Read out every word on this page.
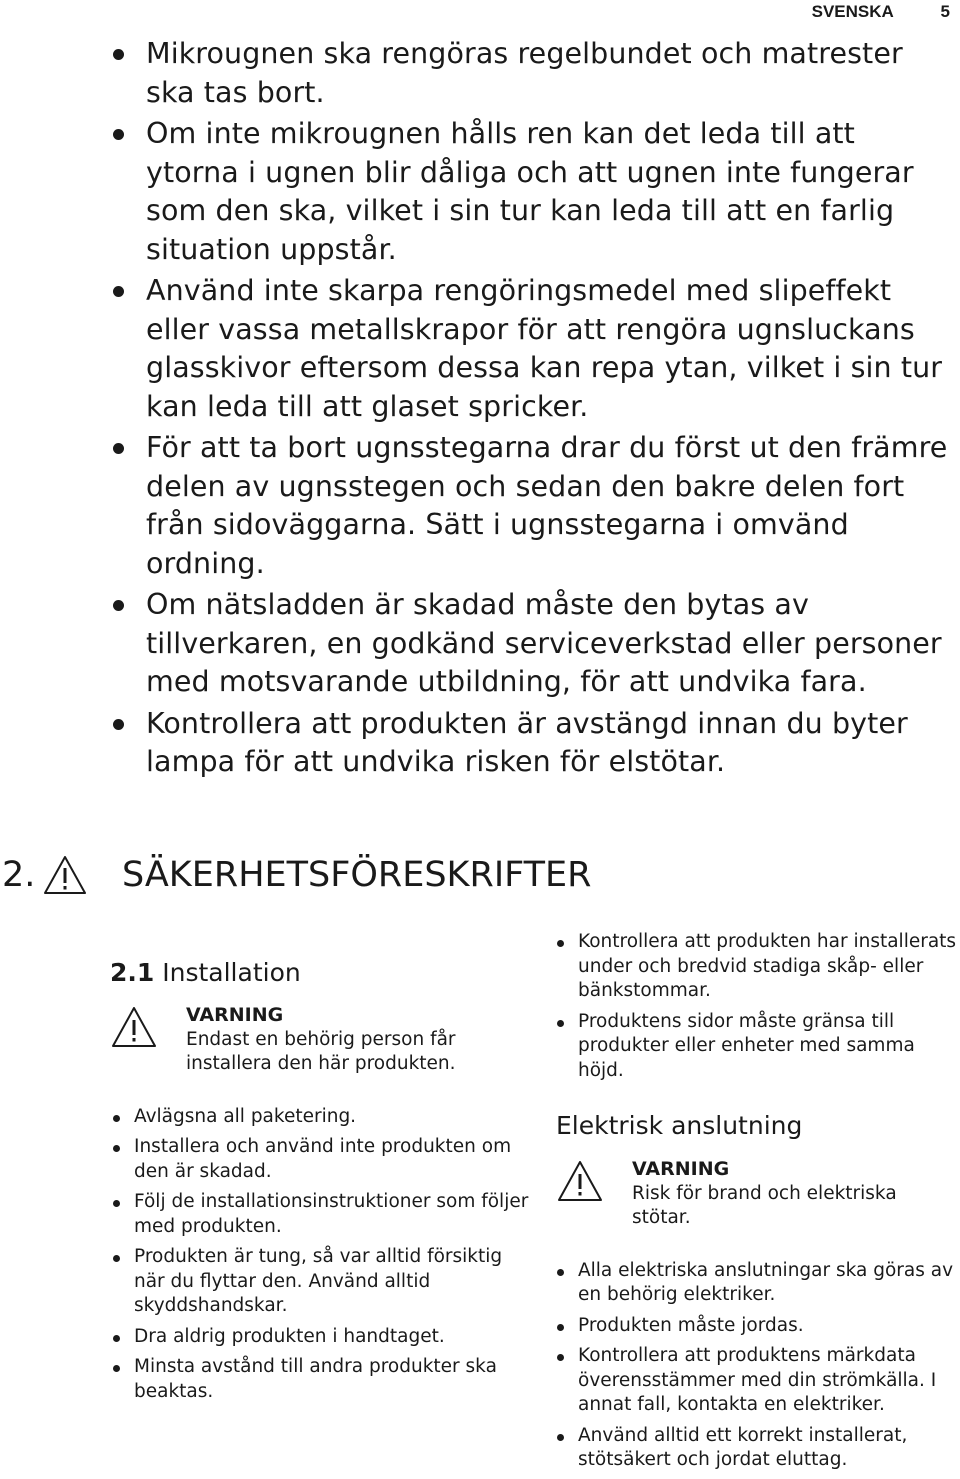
SVENSKA	5
Mikrougnen ska rengöras regelbundet och matrester ska tas bort.
Om inte mikrougnen hålls ren kan det leda till att ytorna i ugnen blir dåliga och att ugnen inte fungerar som den ska, vilket i sin tur kan leda till att en farlig situation uppstår.
Använd inte skarpa rengöringsmedel med slipeffekt eller vassa metallskrapor för att rengöra ugnsluckans glasskivor eftersom dessa kan repa ytan, vilket i sin tur kan leda till att glaset spricker.
För att ta bort ugnsstegarna drar du först ut den främre delen av ugnsstegen och sedan den bakre delen fort från sidoväggarna. Sätt i ugnsstegarna i omvänd ordning.
Om nätsladden är skadad måste den bytas av tillverkaren, en godkänd serviceverkstad eller personer med motsvarande utbildning, för att undvika fara.
Kontrollera att produkten är avstängd innan du byter lampa för att undvika risken för elstötar.
2. SÄKERHETSFÖRESKRIFTER
2.1 Installation
VARNING
Endast en behörig person får installera den här produkten.
Avlägsna all paketering.
Installera och använd inte produkten om den är skadad.
Följ de installationsinstruktioner som följer med produkten.
Produkten är tung, så var alltid försiktig när du flyttar den. Använd alltid skyddshandskar.
Dra aldrig produkten i handtaget.
Minsta avstånd till andra produkter ska beaktas.
Kontrollera att produkten har installerats under och bredvid stadiga skåp- eller bänkstommar.
Produktens sidor måste gränsa till produkter eller enheter med samma höjd.
Elektrisk anslutning
VARNING
Risk för brand och elektriska stötar.
Alla elektriska anslutningar ska göras av en behörig elektriker.
Produkten måste jordas.
Kontrollera att produktens märkdata överensstämmer med din strömkälla. I annat fall, kontakta en elektriker.
Använd alltid ett korrekt installerat, stötsäkert och jordat eluttag.
